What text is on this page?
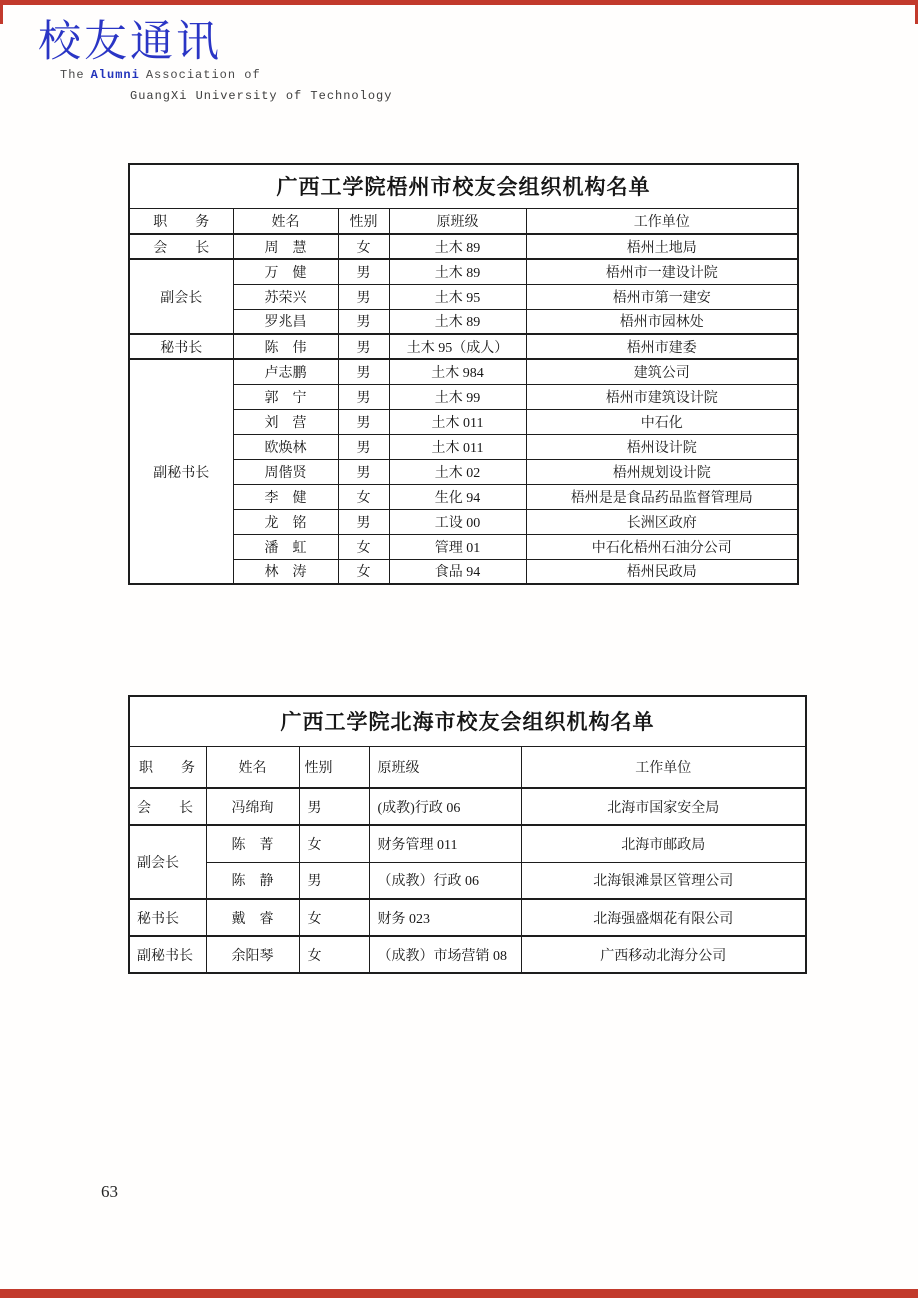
校友通讯
The Alumni Association of
GuangXi University of Technology
广西工学院梧州市校友会组织机构名单				
职　　务	姓名	性别	原班级	工作单位
会　　长	周　慧	女	土木 89	梧州土地局
副会长	万　健	男	土木 89	梧州市一建设计院
	苏荣兴	男	土木 95	梧州市第一建安
	罗兆昌	男	土木 89	梧州市园林处
秘书长	陈　伟	男	土木 95（成人）	梧州市建委
副秘书长	卢志鹏	男	土木 984	建筑公司
	郭　宁	男	土木 99	梧州市建筑设计院
	刘　营	男	土木 011	中石化
	欧焕林	男	土木 011	梧州设计院
	周偕贤	男	土木 02	梧州规划设计院
	李　健	女	生化 94	梧州是是食品药品监督管理局
	龙　铭	男	工设 00	长洲区政府
	潘　虹	女	管理 01	中石化梧州石油分公司
	林　涛	女	食品 94	梧州民政局
广西工学院北海市校友会组织机构名单				
职　　务	姓名	性别	原班级	工作单位
会　　长	冯绵珣	男	(成教)行政 06	北海市国家安全局
副会长	陈　菁	女	财务管理 011	北海市邮政局
	陈　静	男	（成教）行政 06	北海银滩景区管理公司
秘书长	戴　睿	女	财务 023	北海强盛烟花有限公司
副秘书长	余阳琴	女	（成教）市场营销 08	广西移动北海分公司
63
